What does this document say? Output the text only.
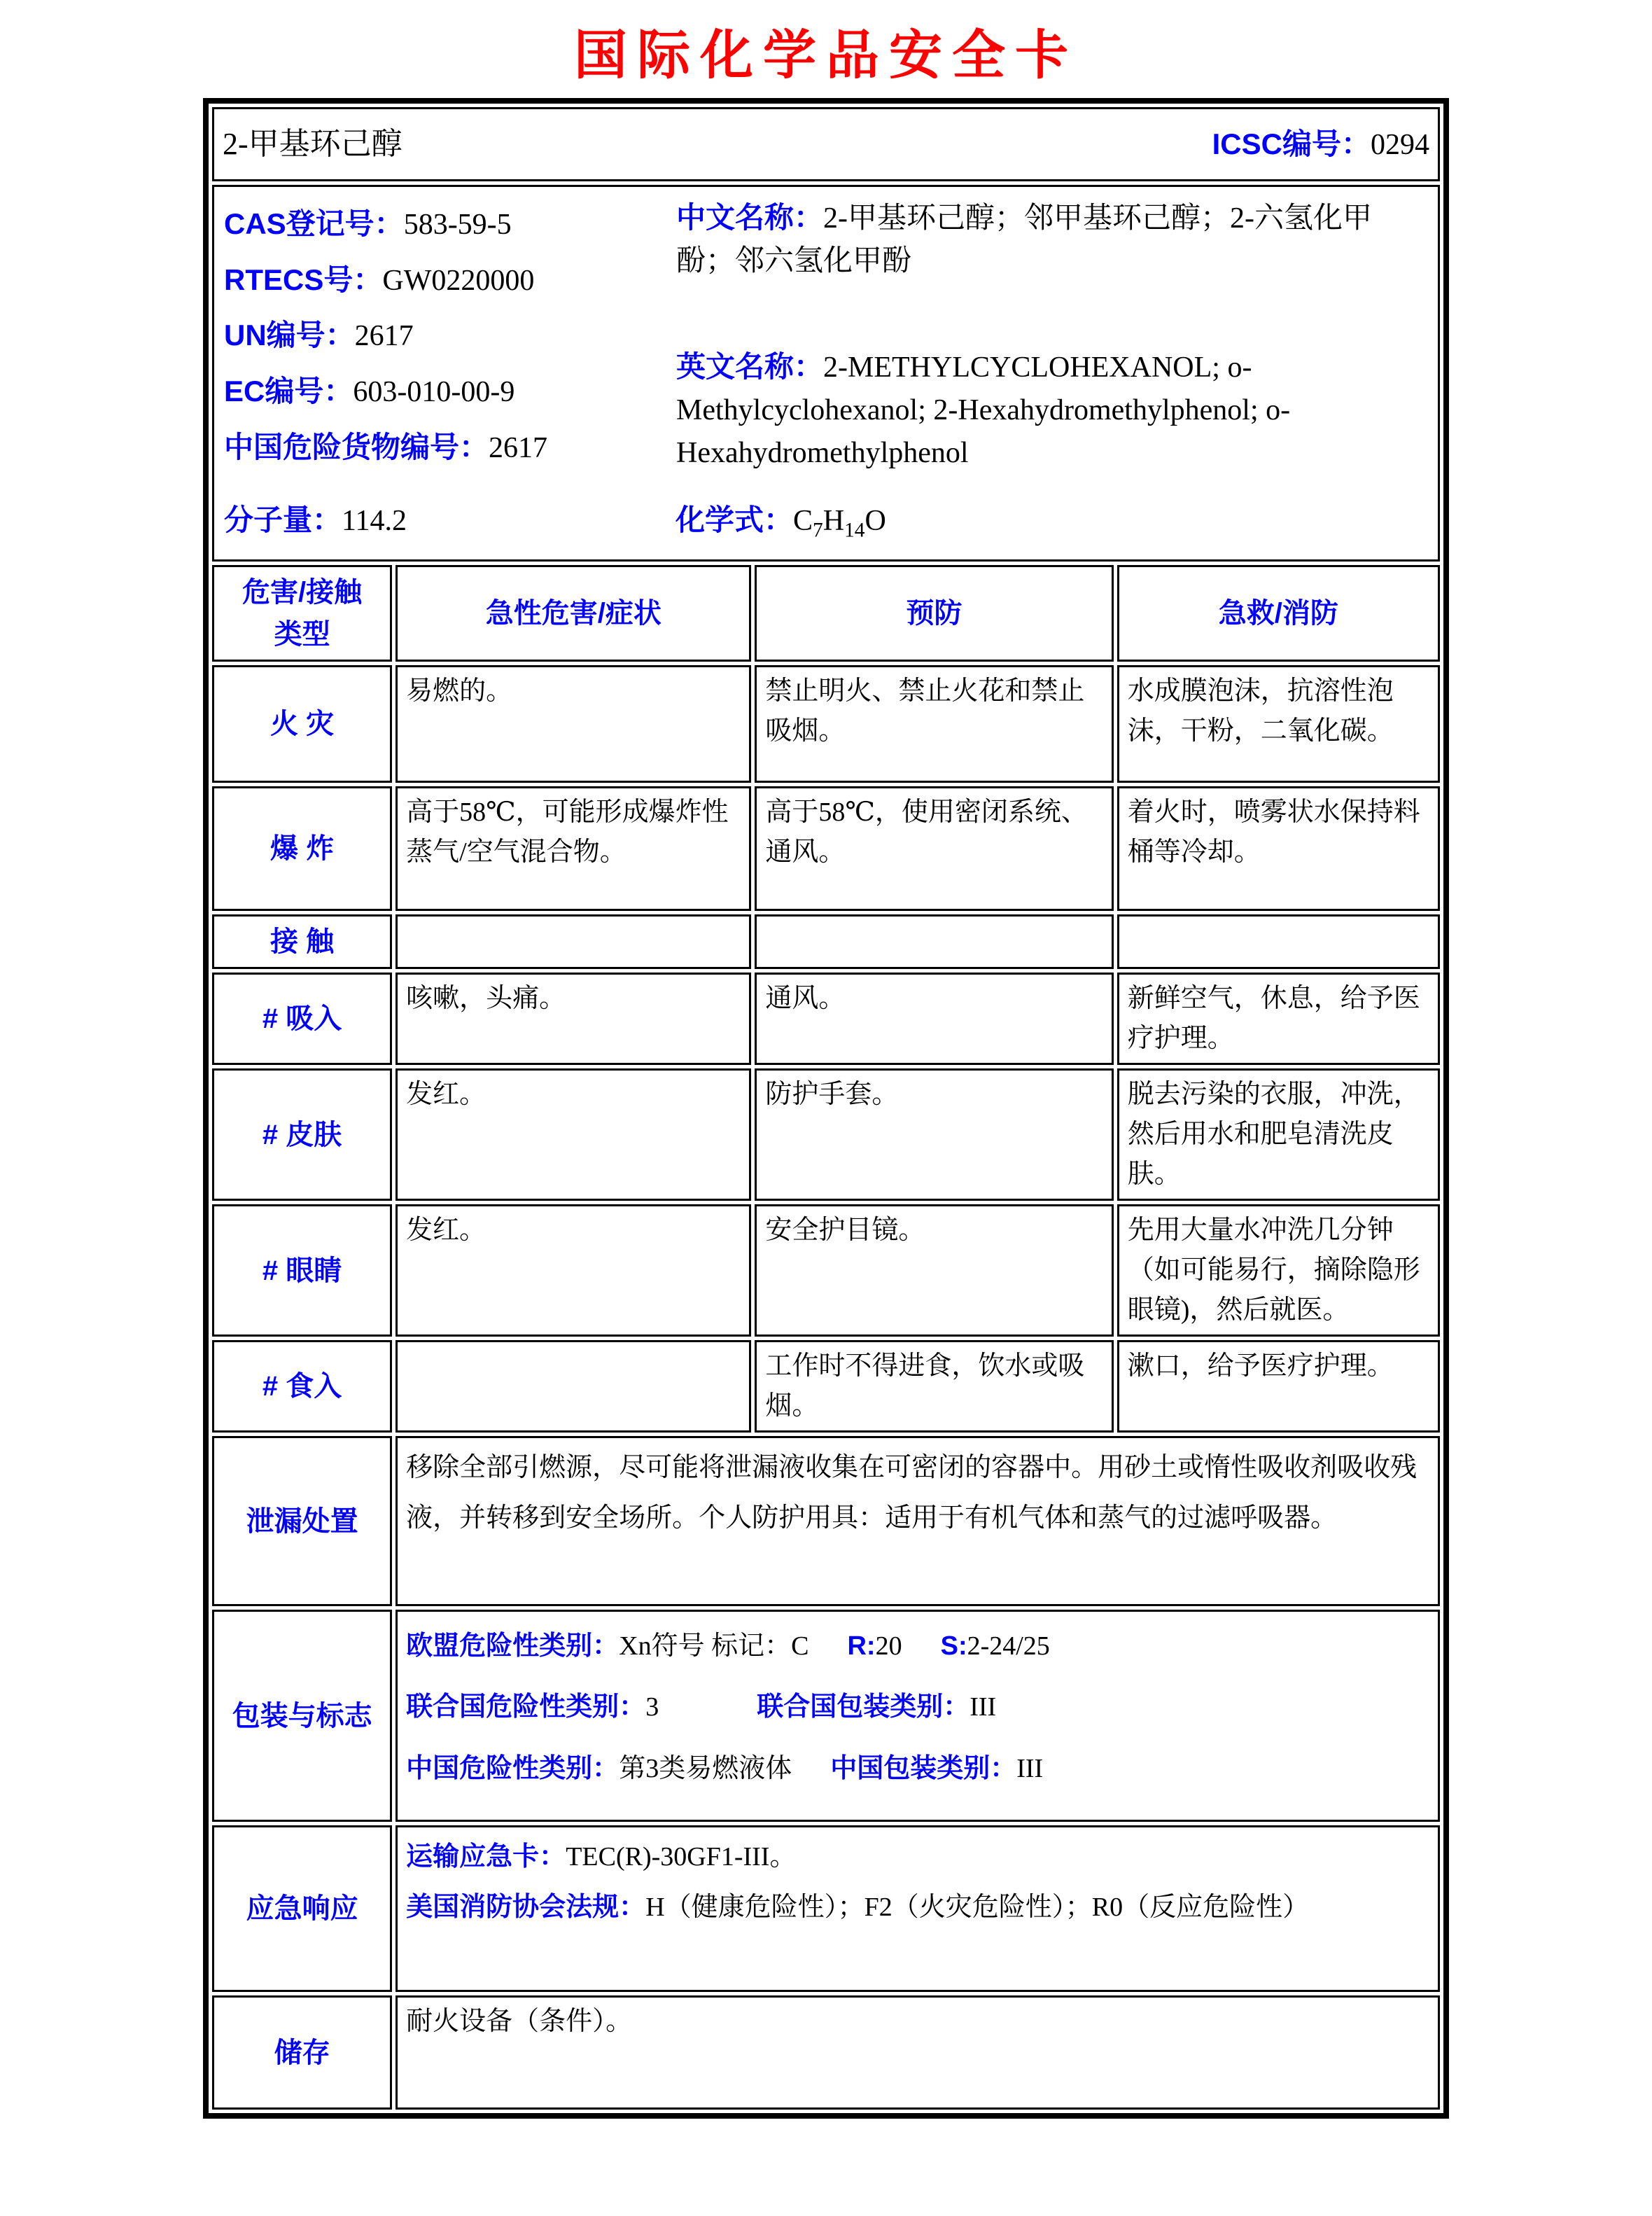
国际化学品安全卡
2-甲基环己醇 ICSC编号：0294			

CAS登记号：583-59-5
RTECS号：GW0220000
UN编号：2617
EC编号：603-010-00-9
中国危险货物编号：2617

中文名称：2-甲基环己醇；邻甲基环己醇；2-六氢化甲酚；邻六氢化甲酚

英文名称：2-METHYLCYCLOHEXANOL; o-Methylcyclohexanol; 2-Hexahydromethylphenol; o-Hexahydromethylphenol

分子量：114.2	化学式：$C_7H_{14}O$

危害/接触
类型	急性危害/症状	预防	急救/消防
火 灾	易燃的。	禁止明火、禁止火花和禁止吸烟。	水成膜泡沫，抗溶性泡沫，干粉，二氧化碳。
爆 炸	高于58℃，可能形成爆炸性蒸气/空气混合物。	高于58℃，使用密闭系统、通风。	着火时，喷雾状水保持料桶等冷却。
接 触			
# 吸入	咳嗽，头痛。	通风。	新鲜空气，休息，给予医疗护理。
# 皮肤	发红。	防护手套。	脱去污染的衣服，冲洗，然后用水和肥皂清洗皮肤。
# 眼睛	发红。	安全护目镜。	先用大量水冲洗几分钟（如可能易行，摘除隐形眼镜)，然后就医。
# 食入		工作时不得进食，饮水或吸烟。	漱口，给予医疗护理。
泄漏处置	移除全部引燃源，尽可能将泄漏液收集在可密闭的容器中。用砂土或惰性吸收剂吸收残液，并转移到安全场所。个人防护用具：适用于有机气体和蒸气的过滤呼吸器。		
包装与标志	欧盟危险性类别：Xn符号 标记：C R:20 S:2-24/25
联合国危险性类别：3 联合国包装类别：III
中国危险性类别：第3类易燃液体 中国包装类别：III		

应急响应	运输应急卡：TEC(R)-30GF1-III。
美国消防协会法规：H（健康危险性）；F2（火灾危险性）；R0（反应危险性）		

储存	耐火设备（条件）。		
